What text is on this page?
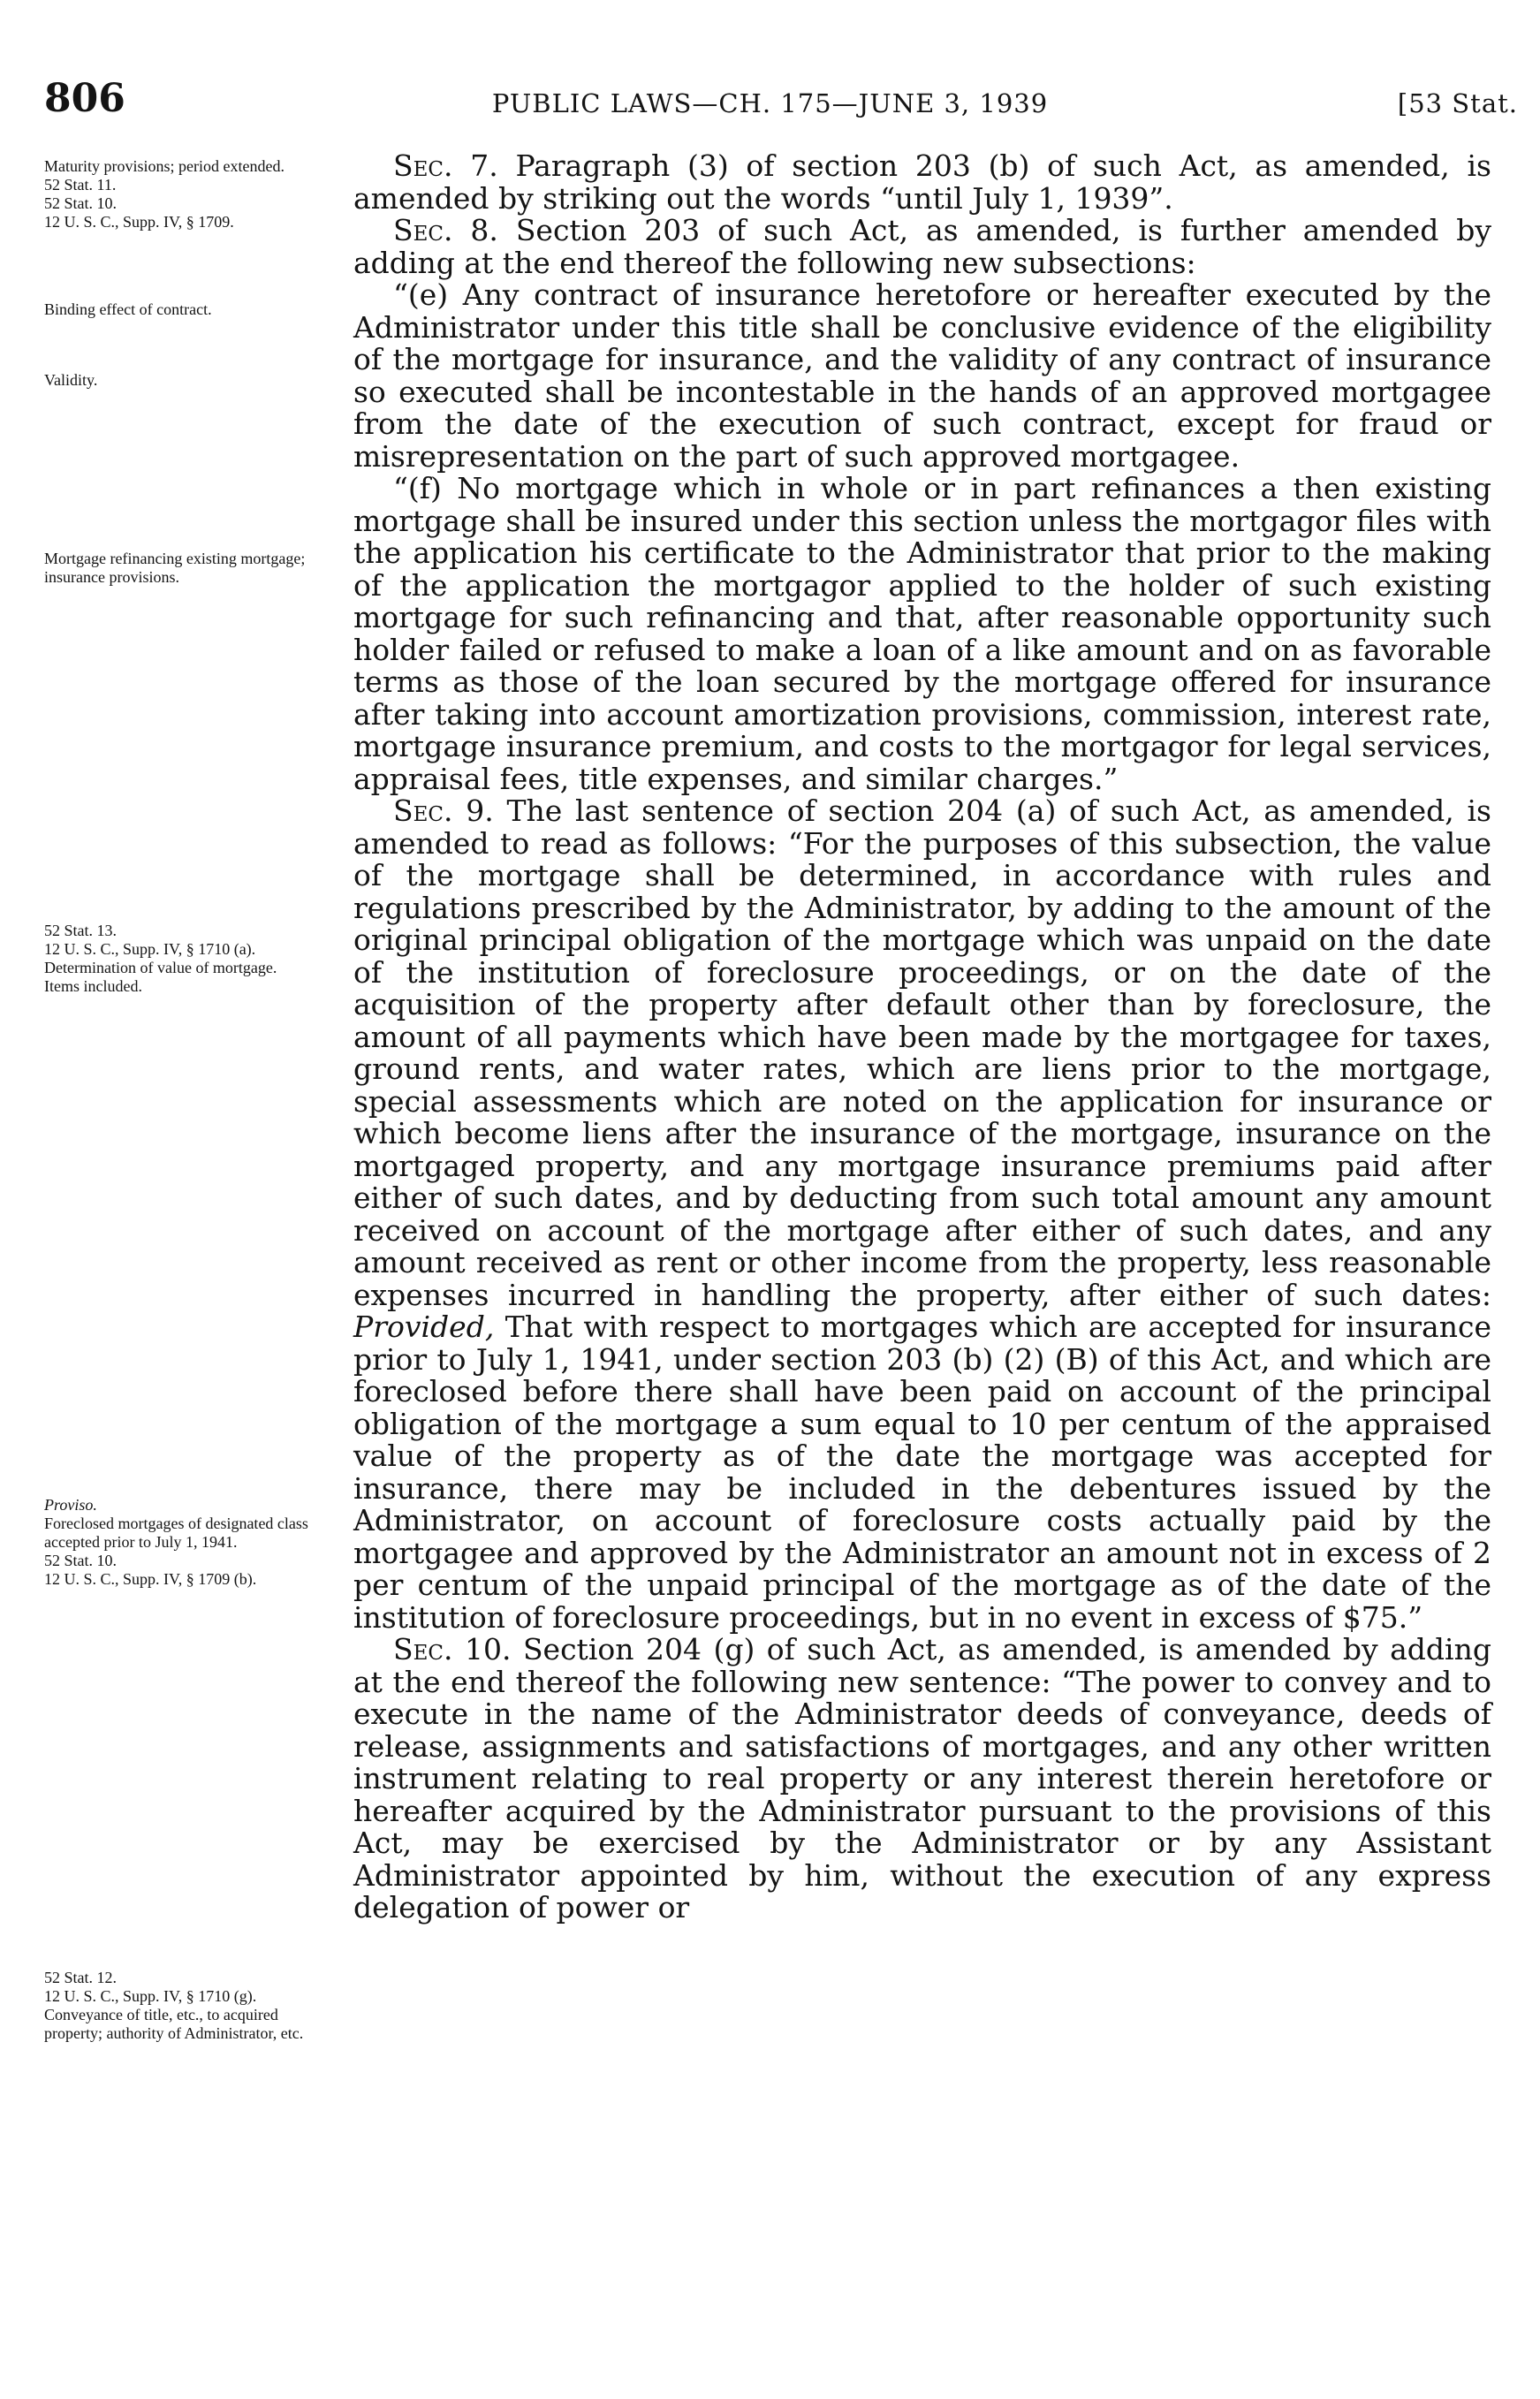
806	PUBLIC LAWS—CH. 175—JUNE 3, 1939	[53 Stat.
Maturity provisions; period extended.
52 Stat. 11.
52 Stat. 10.
12 U. S. C., Supp. IV, § 1709.
Binding effect of contract.
Validity.
Mortgage refinancing existing mortgage; insurance provisions.
52 Stat. 13.
12 U. S. C., Supp. IV, § 1710 (a).
Determination of value of mortgage.
Items included.
Proviso.
Foreclosed mortgages of designated class accepted prior to July 1, 1941.
52 Stat. 10.
12 U. S. C., Supp. IV, § 1709 (b).
52 Stat. 12.
12 U. S. C., Supp. IV, § 1710 (g).
Conveyance of title, etc., to acquired property; authority of Administrator, etc.

Sec. 7. Paragraph (3) of section 203 (b) of such Act, as amended, is amended by striking out the words “until July 1, 1939”.

Sec. 8. Section 203 of such Act, as amended, is further amended by adding at the end thereof the following new subsections:

“(e) Any contract of insurance heretofore or hereafter executed by the Administrator under this title shall be conclusive evidence of the eligibility of the mortgage for insurance, and the validity of any contract of insurance so executed shall be incontestable in the hands of an approved mortgagee from the date of the execution of such contract, except for fraud or misrepresentation on the part of such approved mortgagee.

“(f) No mortgage which in whole or in part refinances a then existing mortgage shall be insured under this section unless the mortgagor files with the application his certificate to the Administrator that prior to the making of the application the mortgagor applied to the holder of such existing mortgage for such refinancing and that, after reasonable opportunity such holder failed or refused to make a loan of a like amount and on as favorable terms as those of the loan secured by the mortgage offered for insurance after taking into account amortization provisions, commission, interest rate, mortgage insurance premium, and costs to the mortgagor for legal services, appraisal fees, title expenses, and similar charges.”

Sec. 9. The last sentence of section 204 (a) of such Act, as amended, is amended to read as follows: “For the purposes of this subsection, the value of the mortgage shall be determined, in accordance with rules and regulations prescribed by the Administrator, by adding to the amount of the original principal obligation of the mortgage which was unpaid on the date of the institution of foreclosure proceedings, or on the date of the acquisition of the property after default other than by foreclosure, the amount of all payments which have been made by the mortgagee for taxes, ground rents, and water rates, which are liens prior to the mortgage, special assessments which are noted on the application for insurance or which become liens after the insurance of the mortgage, insurance on the mortgaged property, and any mortgage insurance premiums paid after either of such dates, and by deducting from such total amount any amount received on account of the mortgage after either of such dates, and any amount received as rent or other income from the property, less reasonable expenses incurred in handling the property, after either of such dates: Provided, That with respect to mortgages which are accepted for insurance prior to July 1, 1941, under section 203 (b) (2) (B) of this Act, and which are foreclosed before there shall have been paid on account of the principal obligation of the mortgage a sum equal to 10 per centum of the appraised value of the property as of the date the mortgage was accepted for insurance, there may be included in the debentures issued by the Administrator, on account of foreclosure costs actually paid by the mortgagee and approved by the Administrator an amount not in excess of 2 per centum of the unpaid principal of the mortgage as of the date of the institution of foreclosure proceedings, but in no event in excess of $75.”

Sec. 10. Section 204 (g) of such Act, as amended, is amended by adding at the end thereof the following new sentence: “The power to convey and to execute in the name of the Administrator deeds of conveyance, deeds of release, assignments and satisfactions of mortgages, and any other written instrument relating to real property or any interest therein heretofore or hereafter acquired by the Administrator pursuant to the provisions of this Act, may be exercised by the Administrator or by any Assistant Administrator appointed by him, without the execution of any express delegation of power or
